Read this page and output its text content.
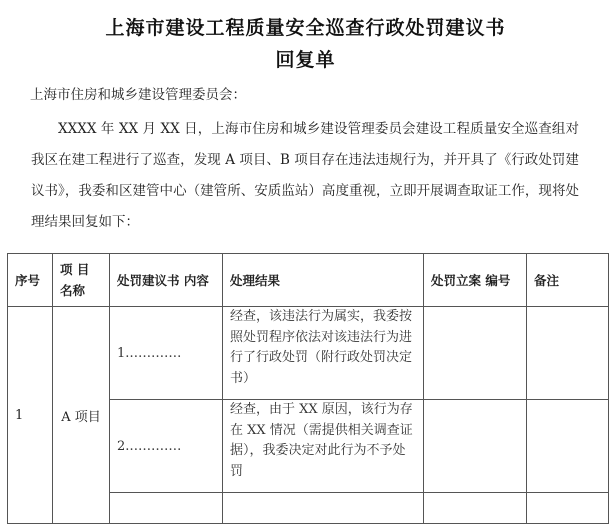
上海市建设工程质量安全巡查行政处罚建议书
回复单
上海市住房和城乡建设管理委员会：

XXXX 年 XX 月 XX 日，上海市住房和城乡建设管理委员会建设工程质量安全巡查组对我区在建工程进行了巡查，发现 A 项目、B 项目存在违法违规行为，并开具了《行政处罚建议书》，我委和区建管中心（建管所、安质监站）高度重视，立即开展调查取证工作，现将处理结果回复如下：

序号	项 目 名称	处罚建议书 内容	处理结果	处罚立案 编号	备注
1	A 项目	1.…………	经查，该违法行为属实，我委按照处罚程序依法对该违法行为进行了行政处罚（附行政处罚决定书）		
		2.…………	经查，由于 XX 原因，该行为存在 XX 情况（需提供相关调查证据），我委决定对此行为不予处罚		
